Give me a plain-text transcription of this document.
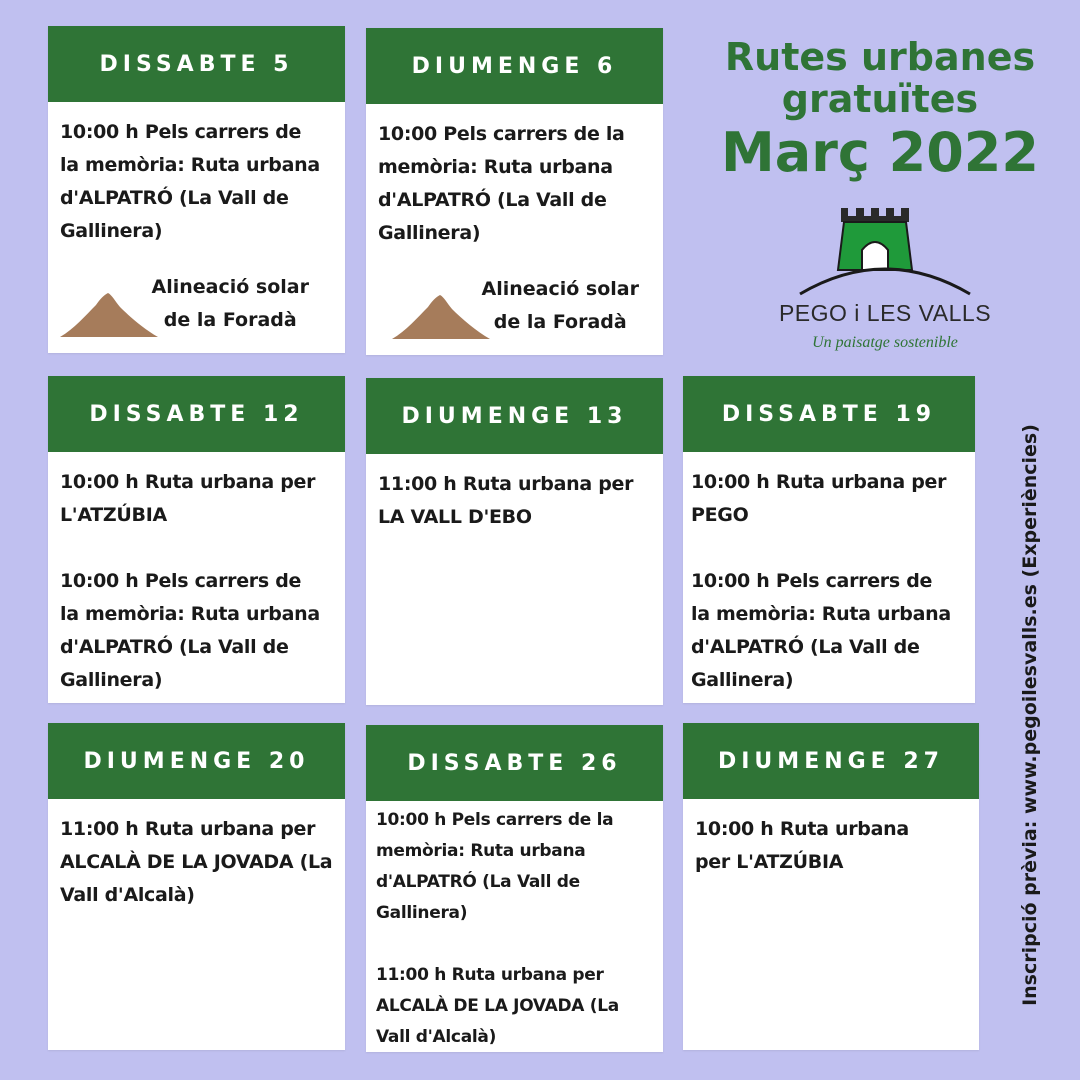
DISSABTE 5

10:00 h Pels carrers de la memòria: Ruta urbana d'ALPATRÓ (La Vall de Gallinera)

Alineació solar
de la Foradà
DIUMENGE 6

10:00 Pels carrers de la memòria: Ruta urbana d'ALPATRÓ (La Vall de Gallinera)

Alineació solar
de la Foradà
Rutes urbanes
gratuïtes
Març 2022
PEGO i LES VALLS
Un paisatge sostenible
DISSABTE 12

10:00 h Ruta urbana per L'ATZÚBIA

10:00 h Pels carrers de la memòria: Ruta urbana d'ALPATRÓ (La Vall de Gallinera)

DIUMENGE 13

11:00 h Ruta urbana per LA VALL D'EBO

DISSABTE 19

10:00 h Ruta urbana per PEGO

10:00 h Pels carrers de la memòria: Ruta urbana d'ALPATRÓ (La Vall de Gallinera)

DIUMENGE 20

11:00 h Ruta urbana per ALCALÀ DE LA JOVADA (La Vall d'Alcalà)

DISSABTE 26

10:00 h Pels carrers de la memòria: Ruta urbana d'ALPATRÓ (La Vall de Gallinera)

11:00 h Ruta urbana per ALCALÀ DE LA JOVADA (La Vall d'Alcalà)

DIUMENGE 27

10:00 h Ruta urbana per L'ATZÚBIA	Inscripció prèvia: www.pegoilesvalls.es (Experiències)
